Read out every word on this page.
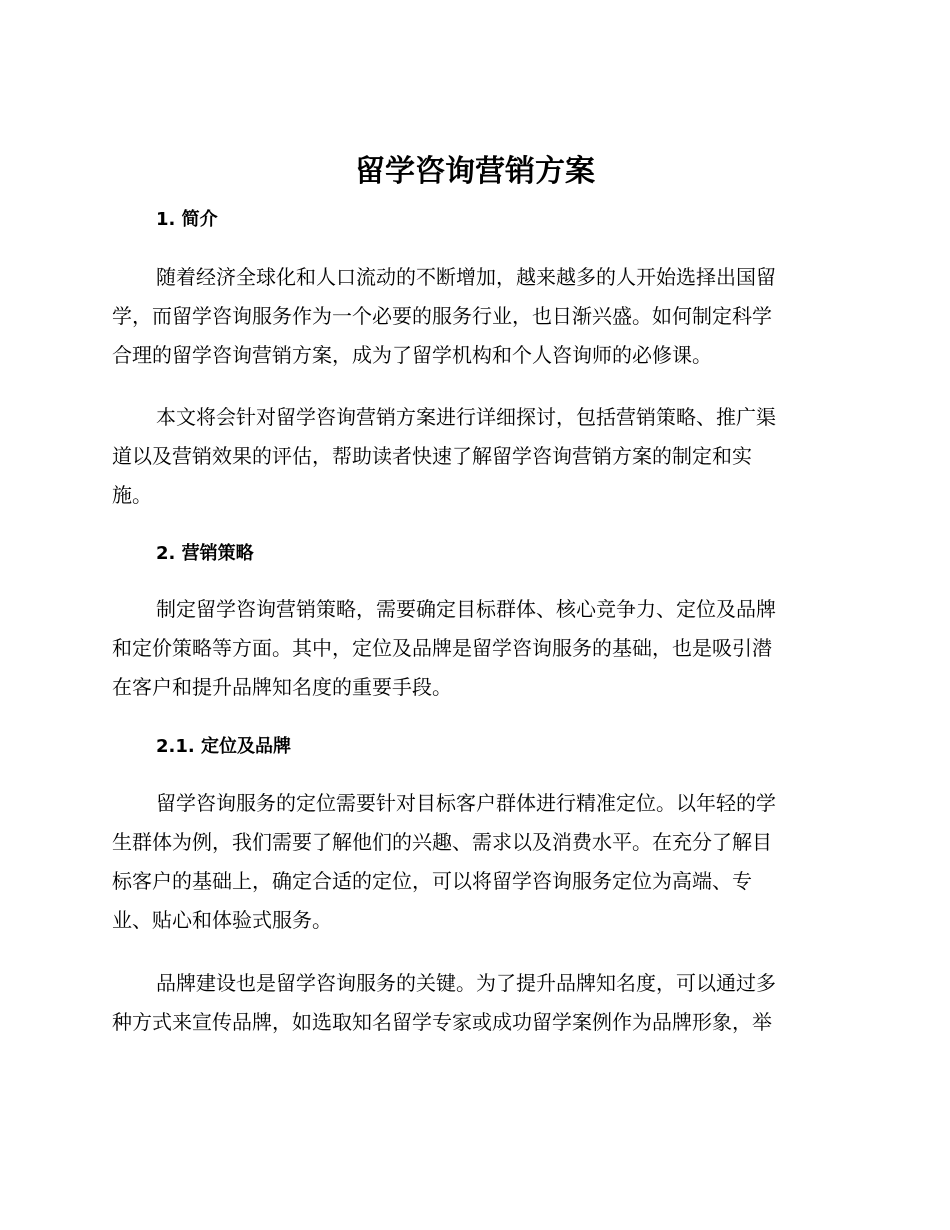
留学咨询营销方案
1. 简介

随着经济全球化和人口流动的不断增加，越来越多的人开始选择出国留
学，而留学咨询服务作为一个必要的服务行业，也日渐兴盛。如何制定科学
合理的留学咨询营销方案，成为了留学机构和个人咨询师的必修课。

本文将会针对留学咨询营销方案进行详细探讨，包括营销策略、推广渠
道以及营销效果的评估，帮助读者快速了解留学咨询营销方案的制定和实
施。

2. 营销策略

制定留学咨询营销策略，需要确定目标群体、核心竞争力、定位及品牌
和定价策略等方面。其中，定位及品牌是留学咨询服务的基础，也是吸引潜
在客户和提升品牌知名度的重要手段。

2.1. 定位及品牌

留学咨询服务的定位需要针对目标客户群体进行精准定位。以年轻的学
生群体为例，我们需要了解他们的兴趣、需求以及消费水平。在充分了解目
标客户的基础上，确定合适的定位，可以将留学咨询服务定位为高端、专
业、贴心和体验式服务。

品牌建设也是留学咨询服务的关键。为了提升品牌知名度，可以通过多
种方式来宣传品牌，如选取知名留学专家或成功留学案例作为品牌形象，举
